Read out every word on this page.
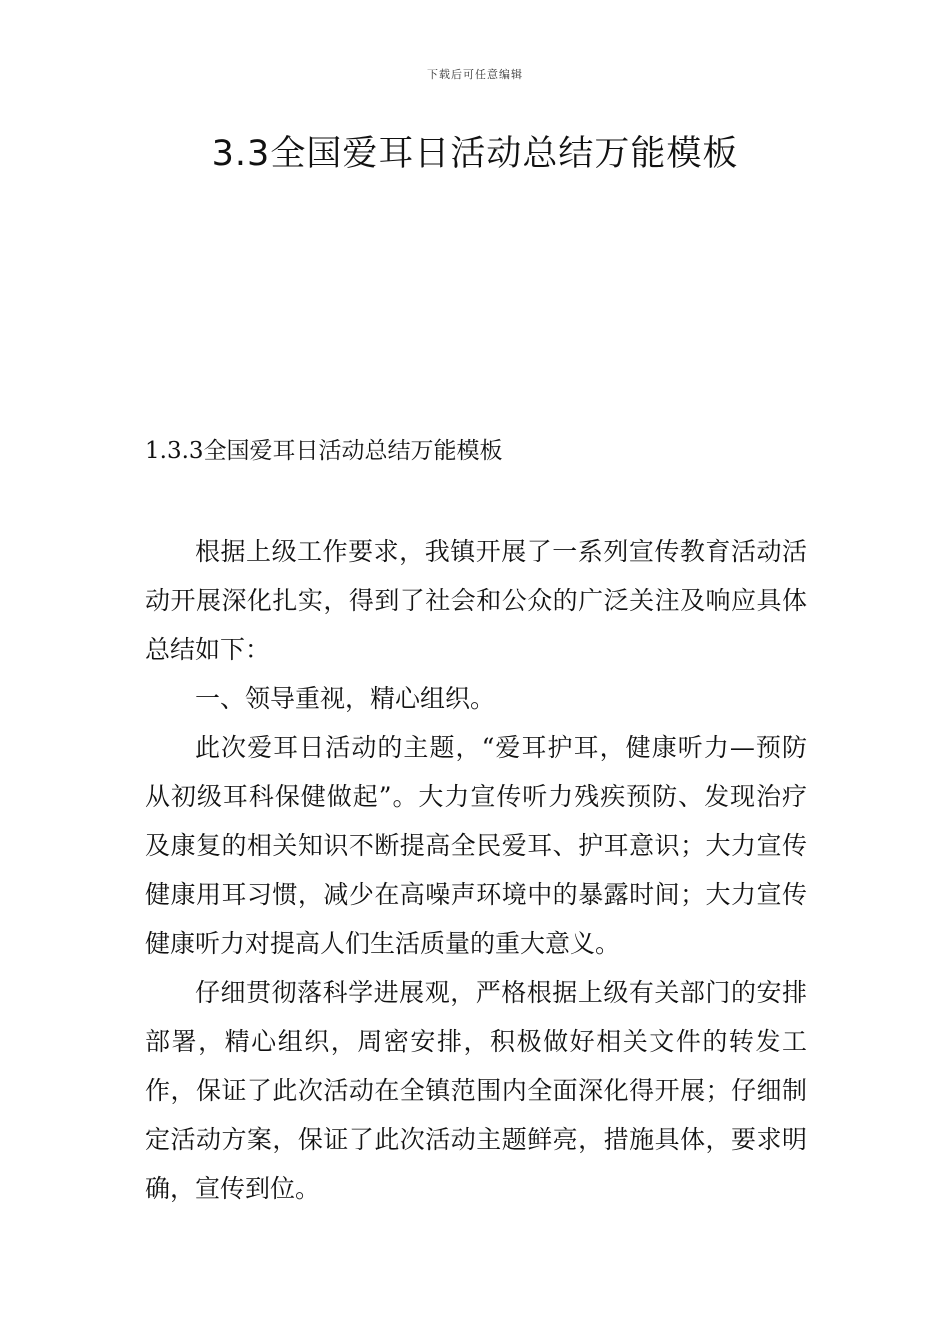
下载后可任意编辑
3.3全国爱耳日活动总结万能模板
1.3.3全国爱耳日活动总结万能模板

根据上级工作要求，我镇开展了一系列宣传教育活动活动开展深化扎实，得到了社会和公众的广泛关注及响应具体总结如下：

一、领导重视，精心组织。

此次爱耳日活动的主题，“爱耳护耳，健康听力—预防从初级耳科保健做起”。大力宣传听力残疾预防、发现治疗及康复的相关知识不断提高全民爱耳、护耳意识；大力宣传健康用耳习惯，减少在高噪声环境中的暴露时间；大力宣传健康听力对提高人们生活质量的重大意义。

仔细贯彻落科学进展观，严格根据上级有关部门的安排部署，精心组织，周密安排，积极做好相关文件的转发工作，保证了此次活动在全镇范围内全面深化得开展；仔细制定活动方案，保证了此次活动主题鲜亮，措施具体，要求明确，宣传到位。
